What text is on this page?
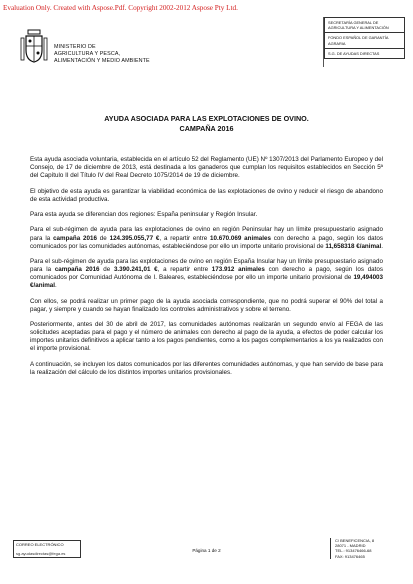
Evaluation Only. Created with Aspose.Pdf. Copyright 2002-2012 Aspose Pty Ltd.
MINISTERIO DE
AGRICULTURA Y PESCA,
ALIMENTACIÓN Y MEDIO AMBIENTE
SECRETARÍA GENERAL DE AGRICULTURA Y ALIMENTACIÓN
FONDO ESPAÑOL DE GARANTÍA AGRARIA
S.G. DE AYUDAS DIRECTAS
AYUDA ASOCIADA PARA LAS EXPLOTACIONES DE OVINO.
CAMPAÑA 2016

Esta ayuda asociada voluntaria, establecida en el artículo 52 del Reglamento (UE) Nº 1307/2013 del Parlamento Europeo y del Consejo, de 17 de diciembre de 2013, está destinada a los ganaderos que cumplan los requisitos establecidos en Sección 5ª del Capítulo II del Título IV del Real Decreto 1075/2014 de 19 de diciembre.

El objetivo de esta ayuda es garantizar la viabilidad económica de las explotaciones de ovino y reducir el riesgo de abandono de esta actividad productiva.

Para esta ayuda se diferencian dos regiones: España peninsular y Región Insular.

Para el sub-régimen de ayuda para las explotaciones de ovino en región Peninsular hay un límite presupuestario asignado para la campaña 2016 de 124.395.055,77 €, a repartir entre 10.670.069 animales con derecho a pago, según los datos comunicados por las comunidades autónomas, estableciéndose por ello un importe unitario provisional de 11,658318 €/animal.

Para el sub-régimen de ayuda para las explotaciones de ovino en región España Insular hay un límite presupuestario asignado para la campaña 2016 de 3.390.241,01 €, a repartir entre 173.912 animales con derecho a pago, según los datos comunicados por Comunidad Autónoma de I. Baleares, estableciéndose por ello un importe unitario provisional de 19,494003 €/animal.

Con ellos, se podrá realizar un primer pago de la ayuda asociada correspondiente, que no podrá superar el 90% del total a pagar, y siempre y cuando se hayan finalizado los controles administrativos y sobre el terreno.

Posteriormente, antes del 30 de abril de 2017, las comunidades autónomas realizarán un segundo envío al FEGA de las solicitudes aceptadas para el pago y el número de animales con derecho al pago de la ayuda, a efectos de poder calcular los importes unitarios definitivos a aplicar tanto a los pagos pendientes, como a los pagos complementarios a los ya realizados con el importe provisional.

A continuación, se incluyen los datos comunicados por las diferentes comunidades autónomas, y que han servido de base para la realización del cálculo de los distintos importes unitarios provisionales.

CORREO ELECTRÓNICO
sg.ayudasdirectas@fega.es
Página 1 de 2
C/ BENEFICENCIA, 8
28071 - MADRID
TEL.: 913476466-68
FAX: 913476465
